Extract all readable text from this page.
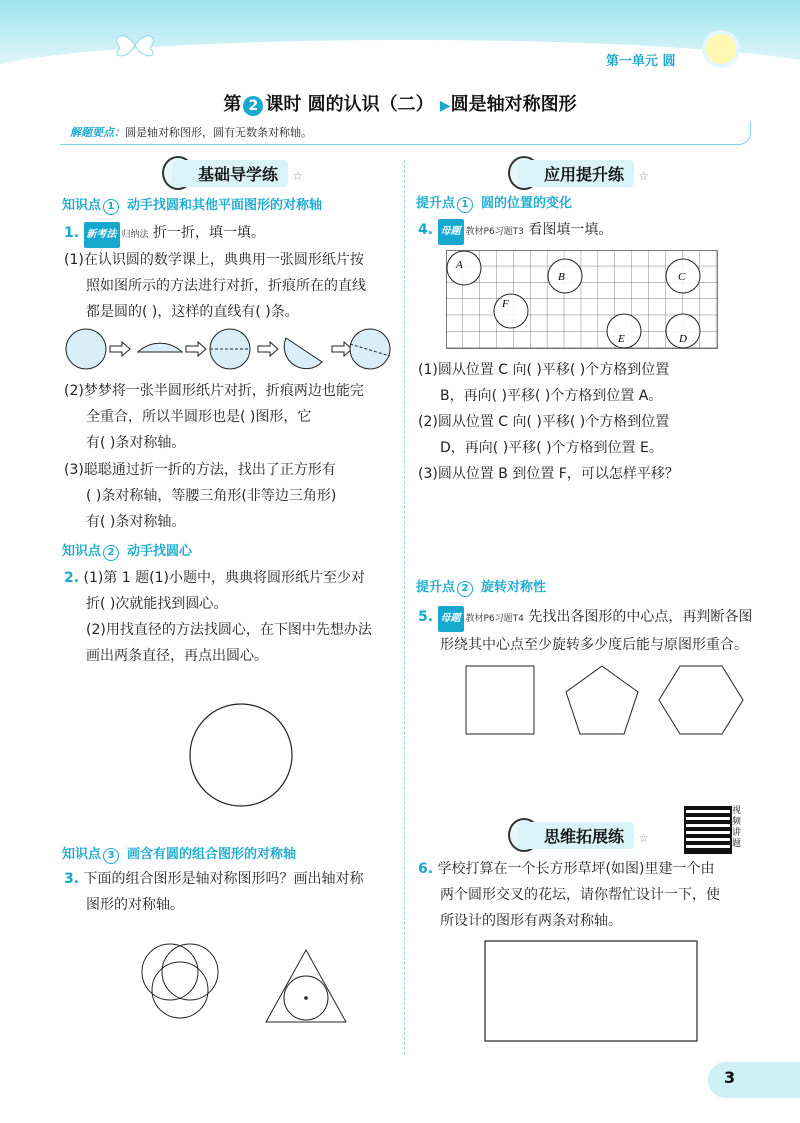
第一单元 圆
第 2 课时 圆的认识（二） ▶圆是轴对称图形
解题要点：圆是轴对称图形，圆有无数条对称轴。
基础导学练 ☆
知识点 1 动手找圆和其他平面图形的对称轴
1. 新考法 归纳法 折一折，填一填。
(1)在认识圆的数学课上，典典用一张圆形纸片按
照如图所示的方法进行对折，折痕所在的直线
都是圆的( )，这样的直线有( )条。
(2)梦梦将一张半圆形纸片对折，折痕两边也能完
全重合，所以半圆形也是( )图形，它
有( )条对称轴。
(3)聪聪通过折一折的方法，找出了正方形有
( )条对称轴，等腰三角形(非等边三角形)
有( )条对称轴。
知识点 2 动手找圆心
2. (1)第 1 题(1)小题中，典典将圆形纸片至少对
折( )次就能找到圆心。
(2)用找直径的方法找圆心，在下图中先想办法
画出两条直径，再点出圆心。
知识点 3 画含有圆的组合图形的对称轴
3. 下面的组合图形是轴对称图形吗？画出轴对称
图形的对称轴。
应用提升练 ☆
提升点 1 圆的位置的变化
4. 母题 教材P6习题T3 看图填一填。
A
B	C
F
E	D
(1)圆从位置 C 向( )平移( )个方格到位置
B，再向( )平移( )个方格到位置 A。
(2)圆从位置 C 向( )平移( )个方格到位置
D，再向( )平移( )个方格到位置 E。
(3)圆从位置 B 到位置 F，可以怎样平移？
提升点 2 旋转对称性
5. 母题 教材P6习题T4 先找出各图形的中心点，再判断各图
形绕其中心点至少旋转多少度后能与原图形重合。
思维拓展练 ☆
视频讲题
6. 学校打算在一个长方形草坪(如图)里建一个由
两个圆形交叉的花坛，请你帮忙设计一下，使
所设计的图形有两条对称轴。
3
